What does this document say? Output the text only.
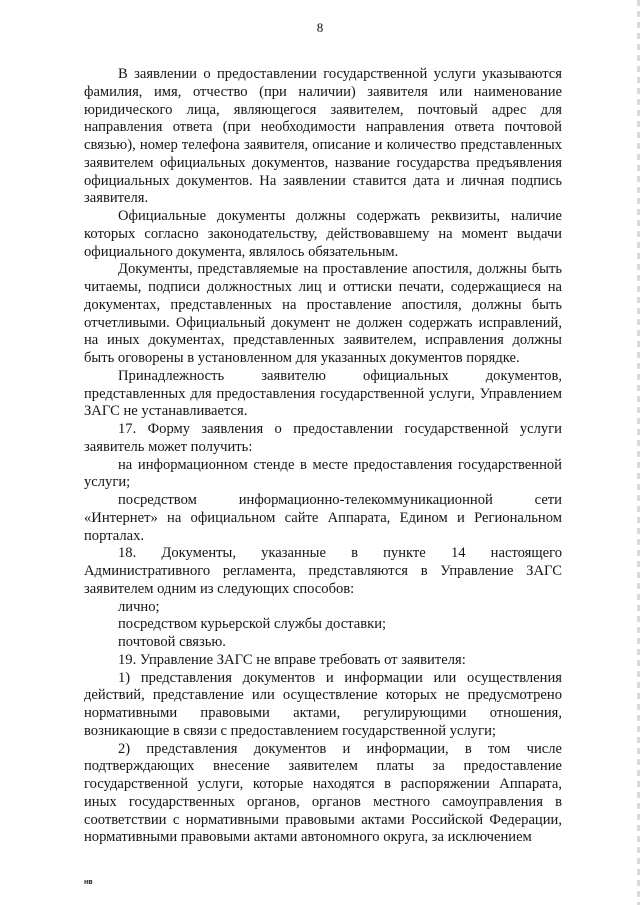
8

В заявлении о предоставлении государственной услуги указываются фамилия, имя, отчество (при наличии) заявителя или наименование юридического лица, являющегося заявителем, почтовый адрес для направления ответа (при необходимости направления ответа почтовой связью), номер телефона заявителя, описание и количество представленных заявителем официальных документов, название государства предъявления официальных документов. На заявлении ставится дата и личная подпись заявителя.

Официальные документы должны содержать реквизиты, наличие которых согласно законодательству, действовавшему на момент выдачи официального документа, являлось обязательным.

Документы, представляемые на проставление апостиля, должны быть читаемы, подписи должностных лиц и оттиски печати, содержащиеся на документах, представленных на проставление апостиля, должны быть отчетливыми. Официальный документ не должен содержать исправлений, на иных документах, представленных заявителем, исправления должны быть оговорены в установленном для указанных документов порядке.

Принадлежность заявителю официальных документов, представленных для предоставления государственной услуги, Управлением ЗАГС не устанавливается.

17. Форму заявления о предоставлении государственной услуги заявитель может получить:

на информационном стенде в месте предоставления государственной услуги;

посредством информационно-телекоммуникационной сети «Интернет» на официальном сайте Аппарата, Едином и Региональном порталах.

18. Документы, указанные в пункте 14 настоящего Административного регламента, представляются в Управление ЗАГС заявителем одним из следующих способов:

лично;

посредством курьерской службы доставки;

почтовой связью.

19. Управление ЗАГС не вправе требовать от заявителя:

1) представления документов и информации или осуществления действий, представление или осуществление которых не предусмотрено нормативными правовыми актами, регулирующими отношения, возникающие в связи с предоставлением государственной услуги;

2) представления документов и информации, в том числе подтверждающих внесение заявителем платы за предоставление государственной услуги, которые находятся в распоряжении Аппарата, иных государственных органов, органов местного самоуправления в соответствии с нормативными правовыми актами Российской Федерации, нормативными правовыми актами автономного округа, за исключением

нв
